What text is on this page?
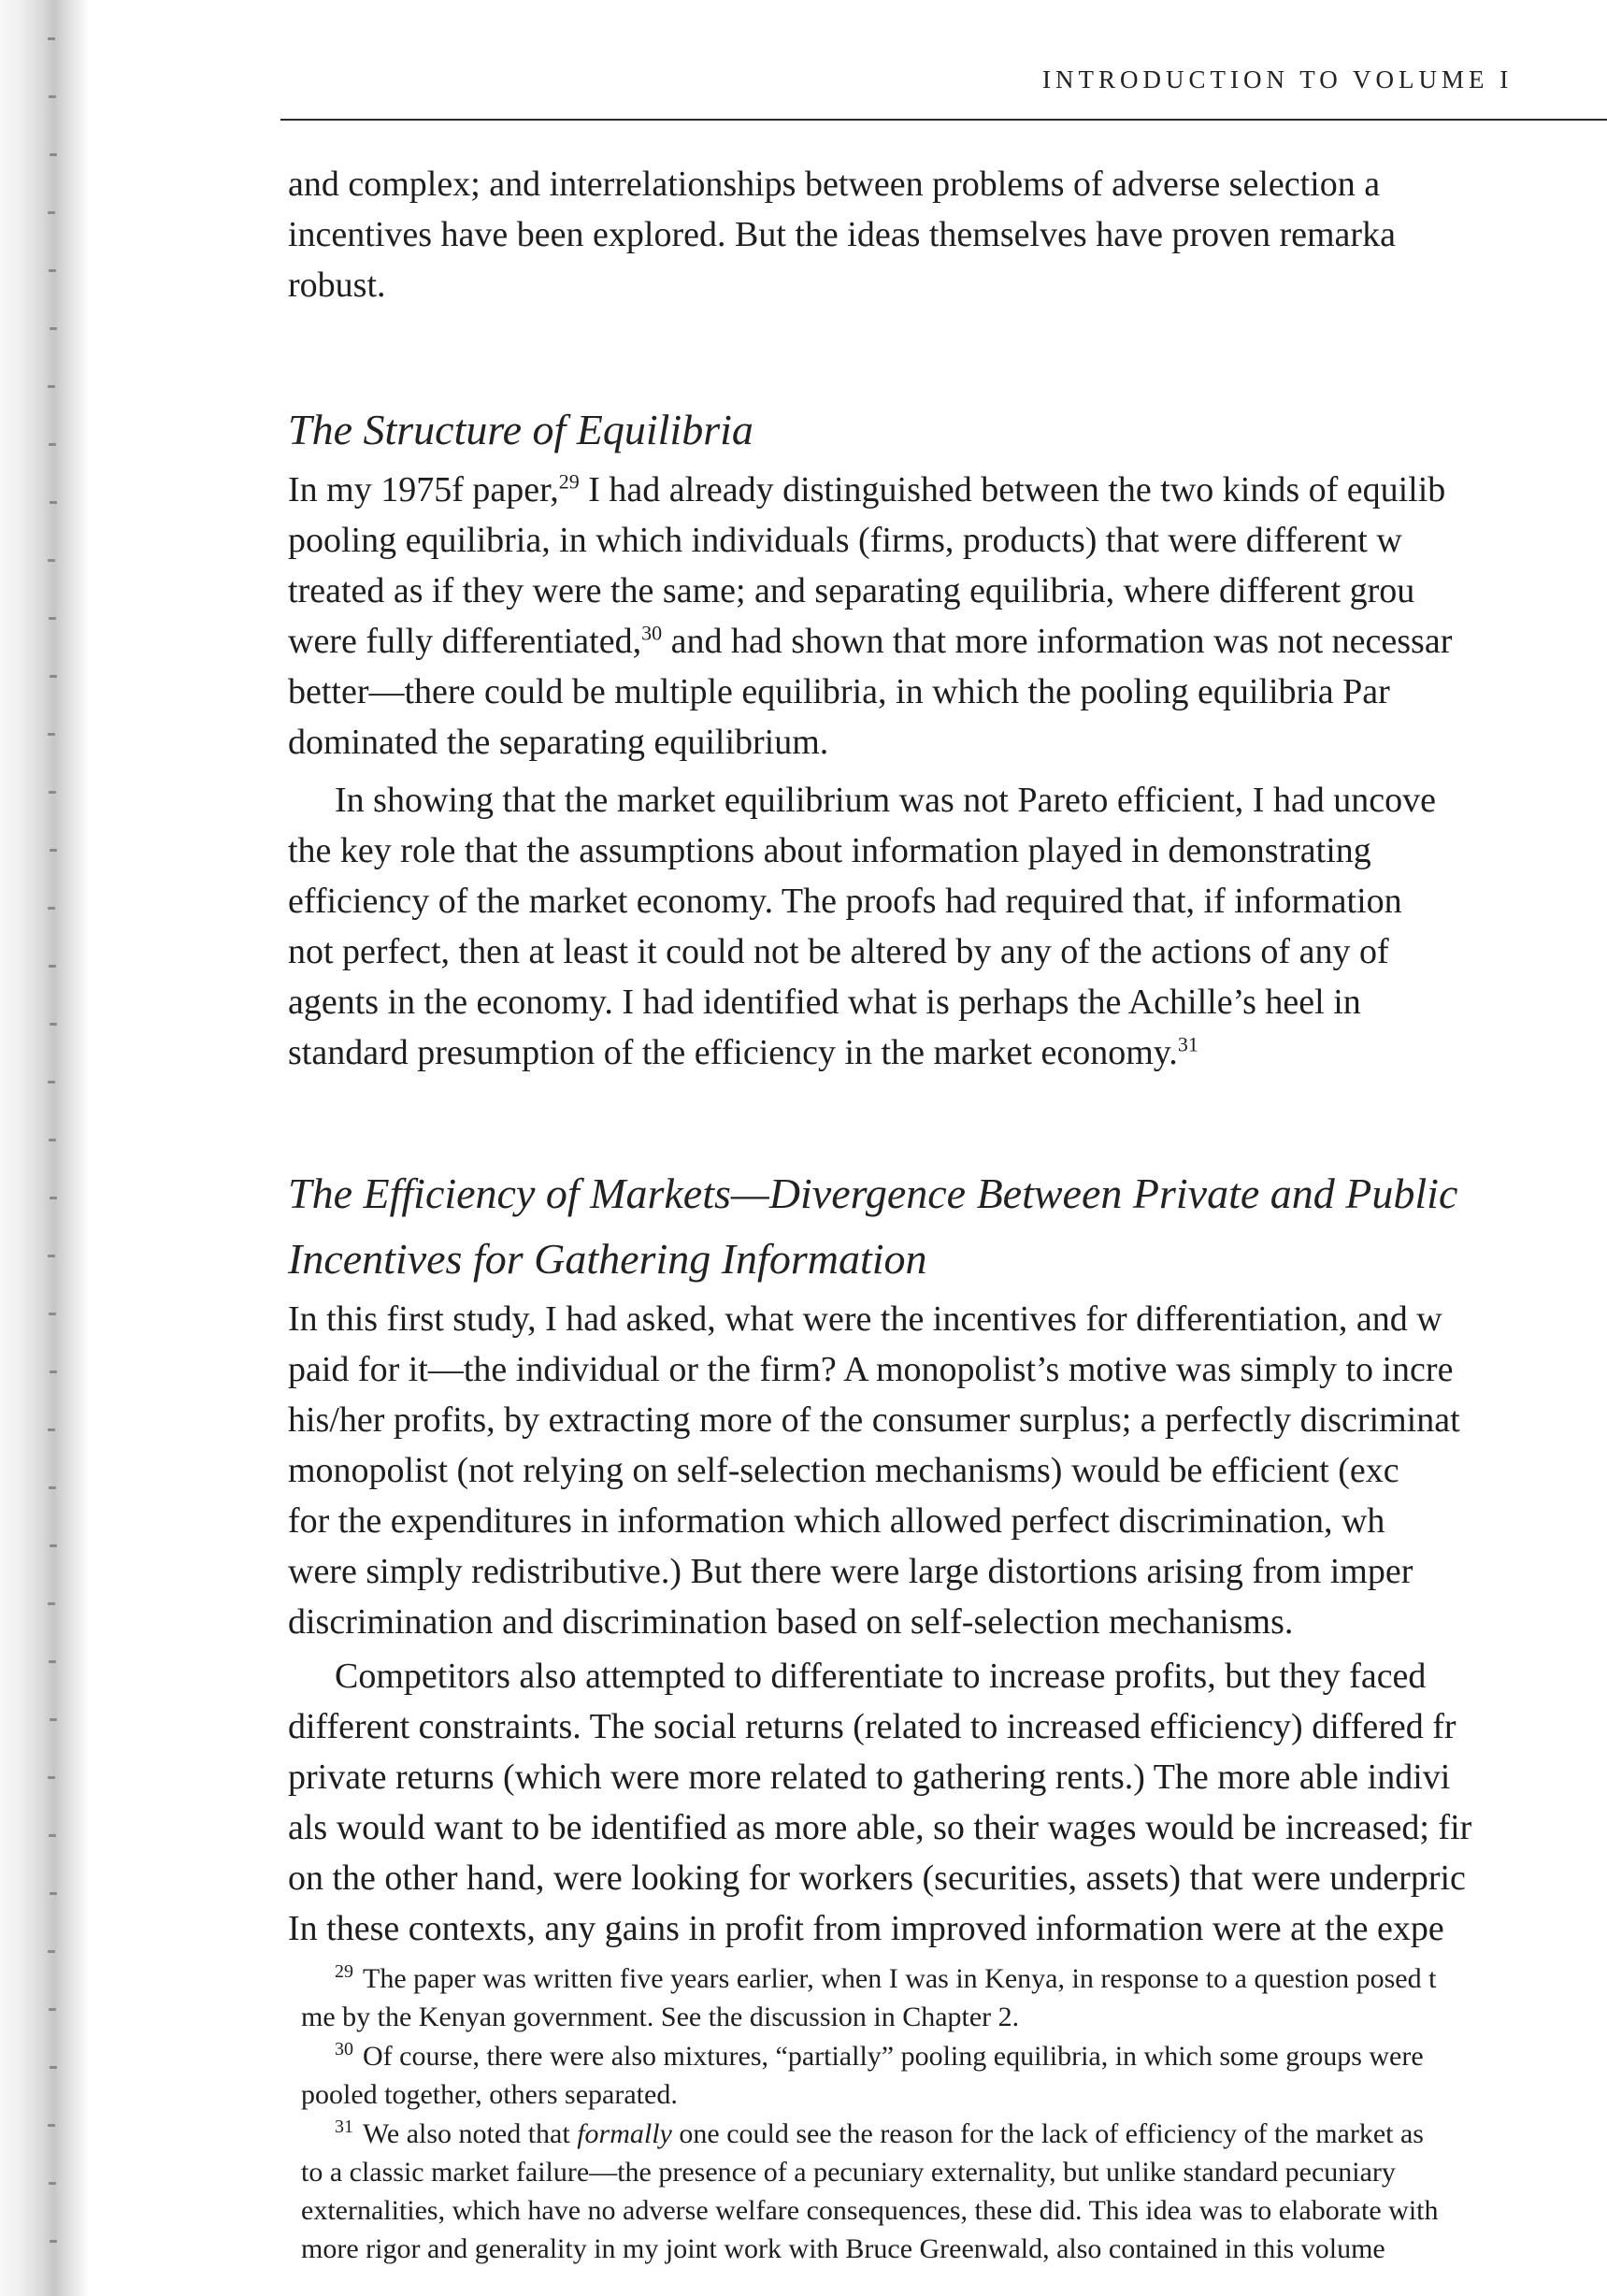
INTRODUCTION TO VOLUME I
and complex; and interrelationships between problems of adverse selection a
incentives have been explored. But the ideas themselves have proven remarka
robust.
The Structure of Equilibria
In my 1975f paper,$^{29}$ I had already distinguished between the two kinds of equilib
pooling equilibria, in which individuals (firms, products) that were different w
treated as if they were the same; and separating equilibria, where different grou
were fully differentiated,$^{30}$ and had shown that more information was not necessar
better—there could be multiple equilibria, in which the pooling equilibria Par
dominated the separating equilibrium.
In showing that the market equilibrium was not Pareto efficient, I had uncove
the key role that the assumptions about information played in demonstrating
efficiency of the market economy. The proofs had required that, if information
not perfect, then at least it could not be altered by any of the actions of any of
agents in the economy. I had identified what is perhaps the Achille’s heel in
standard presumption of the efficiency in the market economy.$^{31}$
The Efficiency of Markets—Divergence Between Private and Public
Incentives for Gathering Information
In this first study, I had asked, what were the incentives for differentiation, and w
paid for it—the individual or the firm? A monopolist’s motive was simply to incre
his/her profits, by extracting more of the consumer surplus; a perfectly discriminat
monopolist (not relying on self-selection mechanisms) would be efficient (exc
for the expenditures in information which allowed perfect discrimination, wh
were simply redistributive.) But there were large distortions arising from imper
discrimination and discrimination based on self-selection mechanisms.
Competitors also attempted to differentiate to increase profits, but they faced
different constraints. The social returns (related to increased efficiency) differed fr
private returns (which were more related to gathering rents.) The more able indivi
als would want to be identified as more able, so their wages would be increased; fir
on the other hand, were looking for workers (securities, assets) that were underpric
In these contexts, any gains in profit from improved information were at the expe
$^{29}$ The paper was written five years earlier, when I was in Kenya, in response to a question posed t
me by the Kenyan government. See the discussion in Chapter 2.
$^{30}$ Of course, there were also mixtures, “partially” pooling equilibria, in which some groups were
pooled together, others separated.
$^{31}$ We also noted that formally one could see the reason for the lack of efficiency of the market as
to a classic market failure—the presence of a pecuniary externality, but unlike standard pecuniary
externalities, which have no adverse welfare consequences, these did. This idea was to elaborate with
more rigor and generality in my joint work with Bruce Greenwald, also contained in this volume
